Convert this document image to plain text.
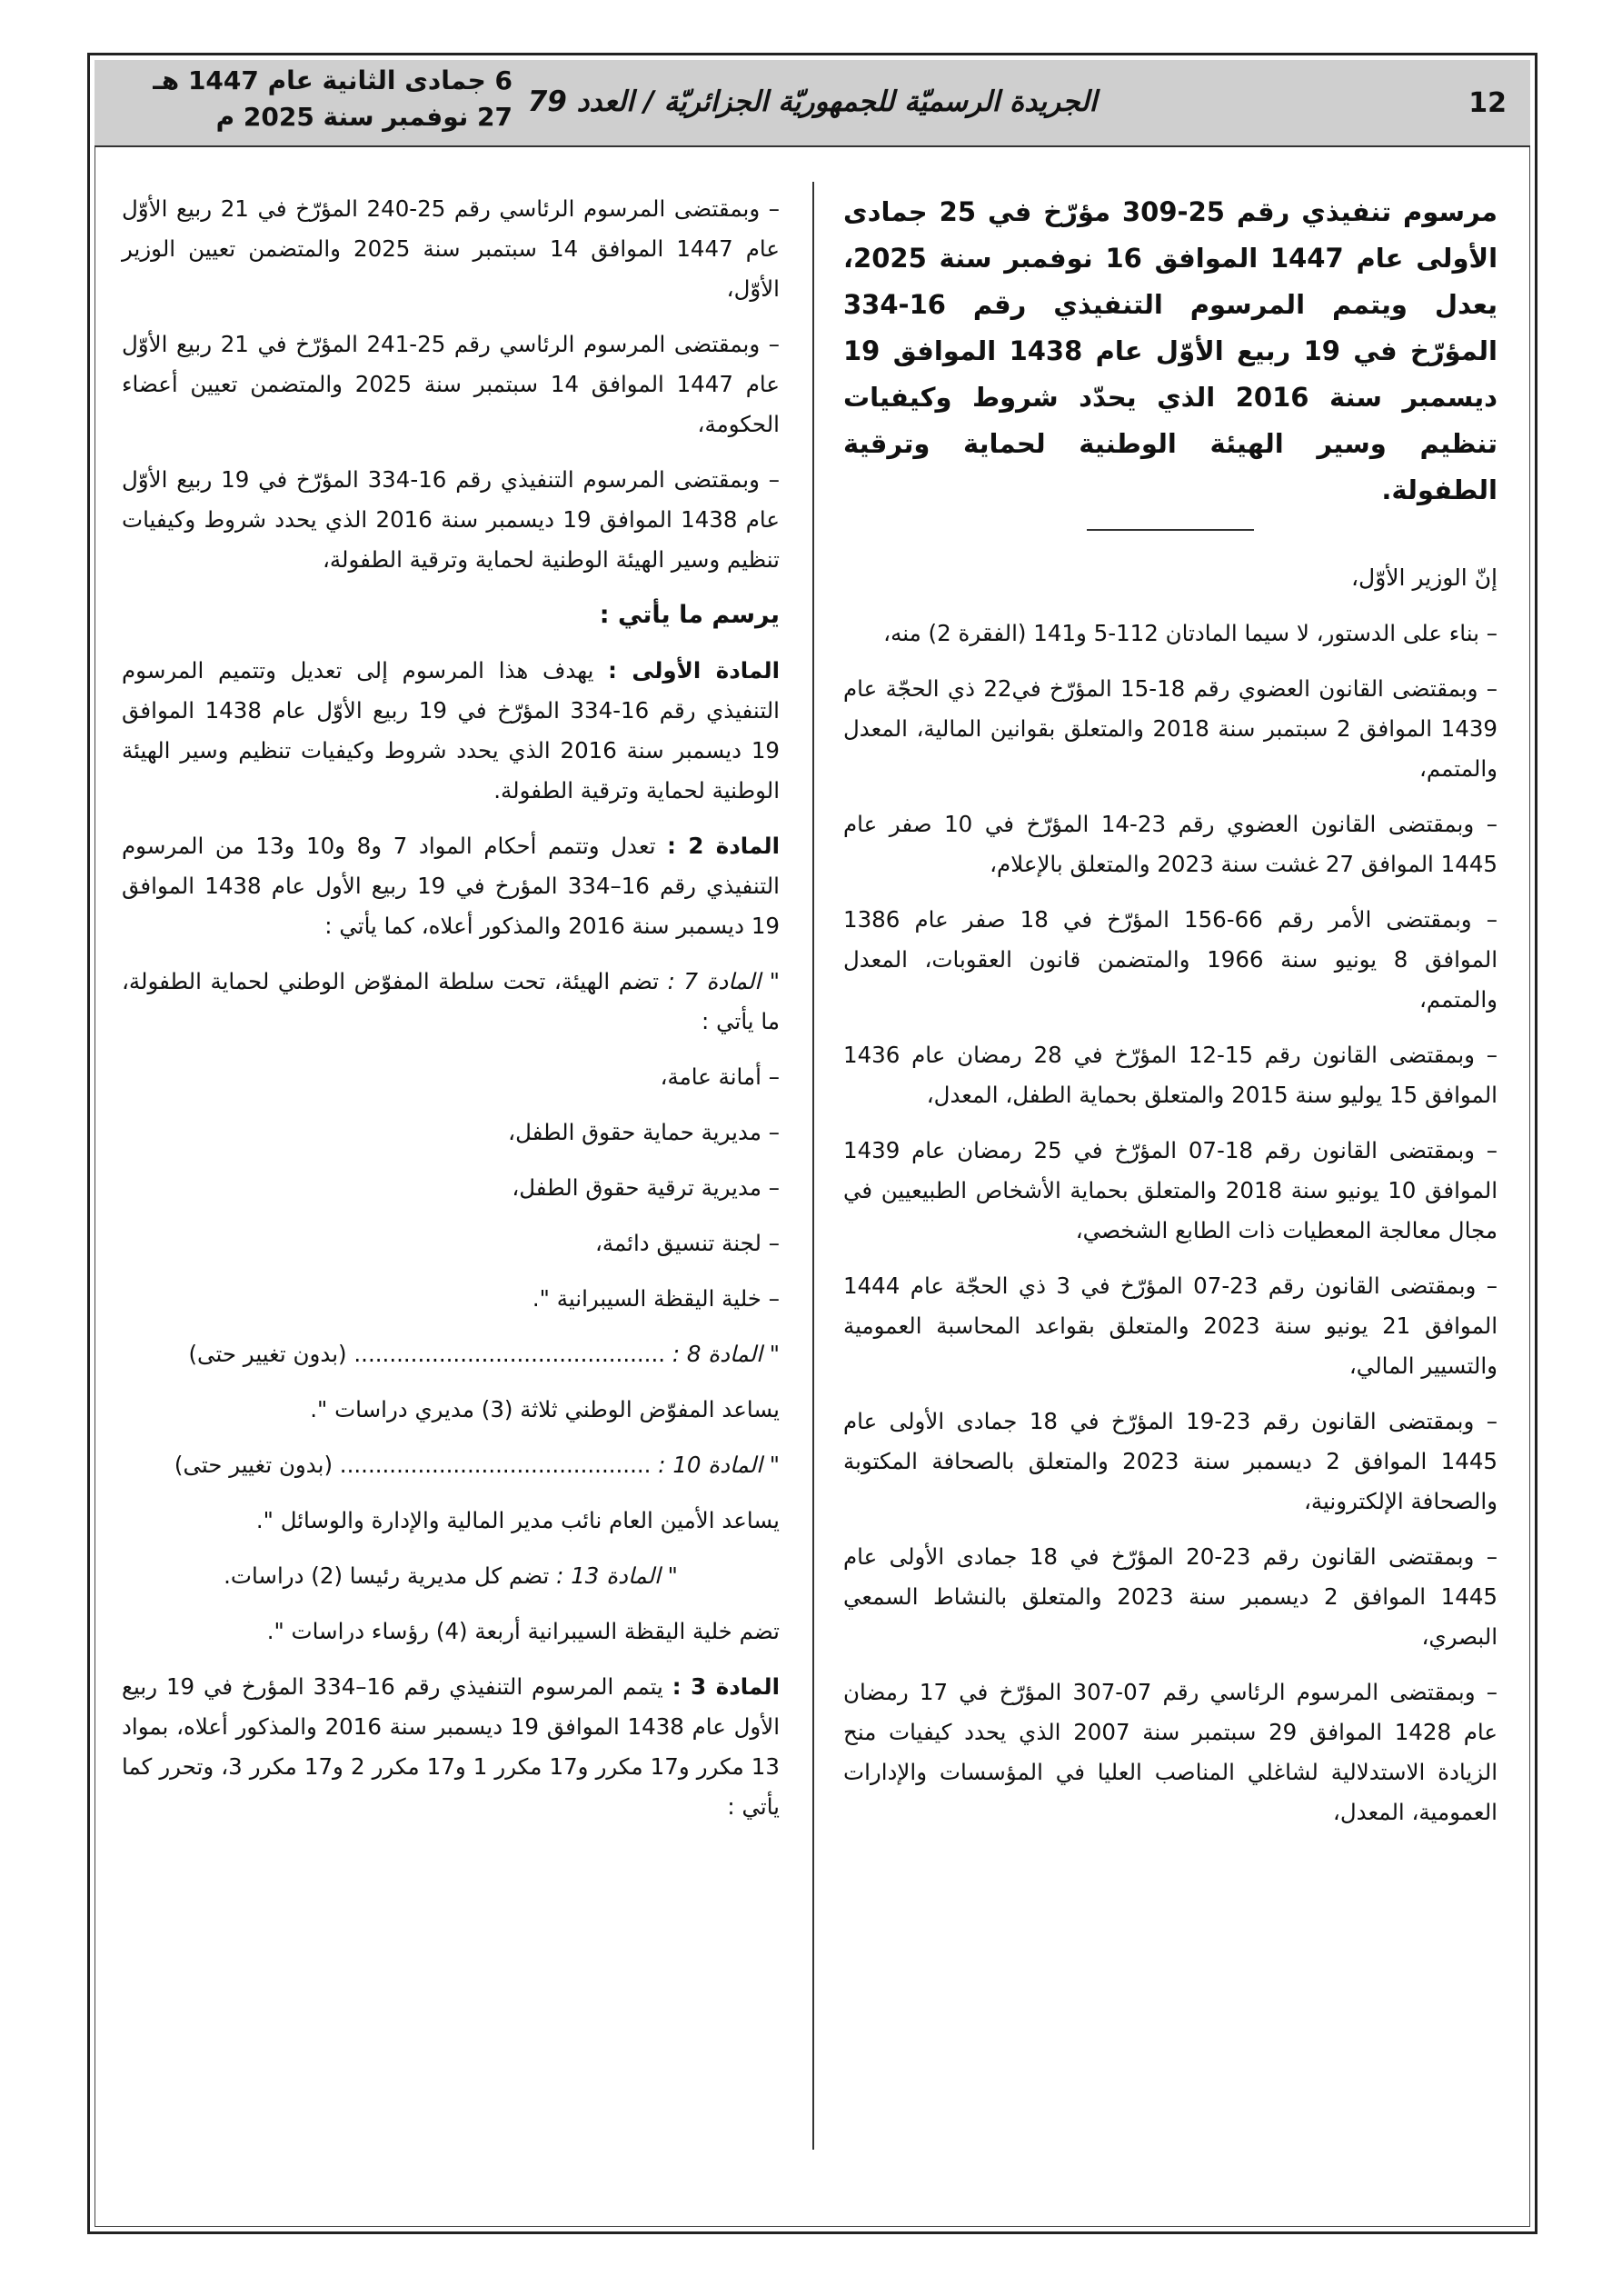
12
الجريدة الرسميّة للجمهوريّة الجزائريّة / العدد 79
6 جمادى الثانية عام 1447 هـ
27 نوفمبر سنة 2025 م

مرسوم تنفيذي رقم 25-309 مؤرّخ في 25 جمادى الأولى عام 1447 الموافق 16 نوفمبر سنة 2025، يعدل ويتمم المرسوم التنفيذي رقم 16-334 المؤرّخ في 19 ربيع الأوّل عام 1438 الموافق 19 ديسمبر سنة 2016 الذي يحدّد شروط وكيفيات تنظيم وسير الهيئة الوطنية لحماية وترقية الطفولة.

إنّ الوزير الأوّل،

– بناء على الدستور، لا سيما المادتان 112-5 و141 (الفقرة 2) منه،

– وبمقتضى القانون العضوي رقم 18-15 المؤرّخ في22 ذي الحجّة عام 1439 الموافق 2 سبتمبر سنة 2018 والمتعلق بقوانين المالية، المعدل والمتمم،

– وبمقتضى القانون العضوي رقم 23-14 المؤرّخ في 10 صفر عام 1445 الموافق 27 غشت سنة 2023 والمتعلق بالإعلام،

– وبمقتضى الأمر رقم 66-156 المؤرّخ في 18 صفر عام 1386 الموافق 8 يونيو سنة 1966 والمتضمن قانون العقوبات، المعدل والمتمم،

– وبمقتضى القانون رقم 15-12 المؤرّخ في 28 رمضان عام 1436 الموافق 15 يوليو سنة 2015 والمتعلق بحماية الطفل، المعدل،

– وبمقتضى القانون رقم 18-07 المؤرّخ في 25 رمضان عام 1439 الموافق 10 يونيو سنة 2018 والمتعلق بحماية الأشخاص الطبيعيين في مجال معالجة المعطيات ذات الطابع الشخصي،

– وبمقتضى القانون رقم 23-07 المؤرّخ في 3 ذي الحجّة عام 1444 الموافق 21 يونيو سنة 2023 والمتعلق بقواعد المحاسبة العمومية والتسيير المالي،

– وبمقتضى القانون رقم 23-19 المؤرّخ في 18 جمادى الأولى عام 1445 الموافق 2 ديسمبر سنة 2023 والمتعلق بالصحافة المكتوبة والصحافة الإلكترونية،

– وبمقتضى القانون رقم 23-20 المؤرّخ في 18 جمادى الأولى عام 1445 الموافق 2 ديسمبر سنة 2023 والمتعلق بالنشاط السمعي البصري،

– وبمقتضى المرسوم الرئاسي رقم 07-307 المؤرّخ في 17 رمضان عام 1428 الموافق 29 سبتمبر سنة 2007 الذي يحدد كيفيات منح الزيادة الاستدلالية لشاغلي المناصب العليا في المؤسسات والإدارات العمومية، المعدل،

– وبمقتضى المرسوم الرئاسي رقم 25-240 المؤرّخ في 21 ربيع الأوّل عام 1447 الموافق 14 سبتمبر سنة 2025 والمتضمن تعيين الوزير الأوّل،

– وبمقتضى المرسوم الرئاسي رقم 25-241 المؤرّخ في 21 ربيع الأوّل عام 1447 الموافق 14 سبتمبر سنة 2025 والمتضمن تعيين أعضاء الحكومة،

– وبمقتضى المرسوم التنفيذي رقم 16-334 المؤرّخ في 19 ربيع الأوّل عام 1438 الموافق 19 ديسمبر سنة 2016 الذي يحدد شروط وكيفيات تنظيم وسير الهيئة الوطنية لحماية وترقية الطفولة،

يرسم ما يأتي :

المادة الأولى : يهدف هذا المرسوم إلى تعديل وتتميم المرسوم التنفيذي رقم 16-334 المؤرّخ في 19 ربيع الأوّل عام 1438 الموافق 19 ديسمبر سنة 2016 الذي يحدد شروط وكيفيات تنظيم وسير الهيئة الوطنية لحماية وترقية الطفولة.

المادة 2 : تعدل وتتمم أحكام المواد 7 و8 و10 و13 من المرسوم التنفيذي رقم 16–334 المؤرخ في 19 ربيع الأول عام 1438 الموافق 19 ديسمبر سنة 2016 والمذكور أعلاه، كما يأتي :

" المادة 7 : تضم الهيئة، تحت سلطة المفوّض الوطني لحماية الطفولة، ما يأتي :

– أمانة عامة،

– مديرية حماية حقوق الطفل،

– مديرية ترقية حقوق الطفل،

– لجنة تنسيق دائمة،

– خلية اليقظة السيبرانية ".

" المادة 8 : ............................................ (بدون تغيير حتى)

يساعد المفوّض الوطني ثلاثة (3) مديري دراسات ".

" المادة 10 : ............................................ (بدون تغيير حتى)

يساعد الأمين العام نائب مدير المالية والإدارة والوسائل ".

" المادة 13 : تضم كل مديرية رئيسا (2) دراسات.

تضم خلية اليقظة السيبرانية أربعة (4) رؤساء دراسات ".

المادة 3 : يتمم المرسوم التنفيذي رقم 16–334 المؤرخ في 19 ربيع الأول عام 1438 الموافق 19 ديسمبر سنة 2016 والمذكور أعلاه، بمواد 13 مكرر و17 مكرر و17 مكرر 1 و17 مكرر 2 و17 مكرر 3، وتحرر كما يأتي :
